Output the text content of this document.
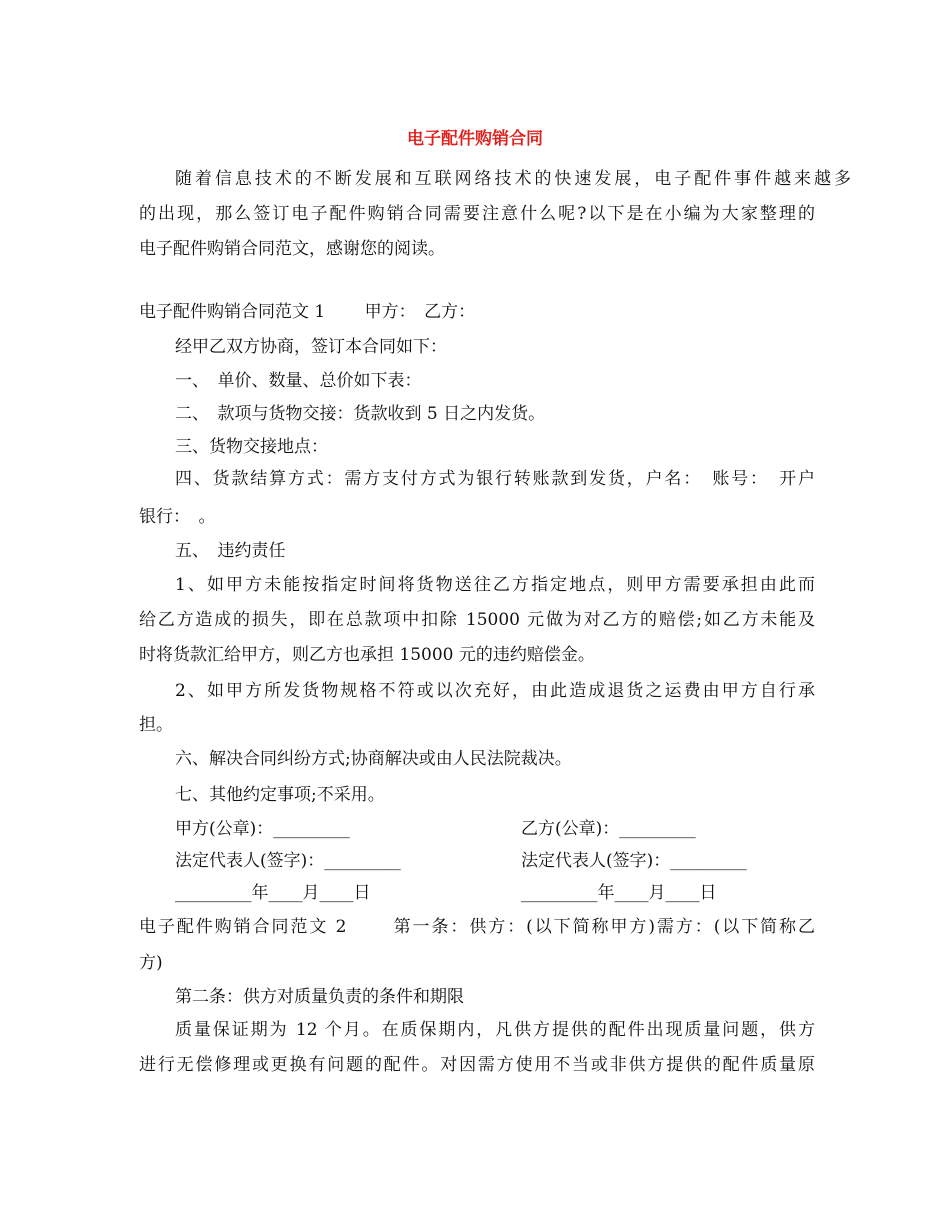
电子配件购销合同
随着信息技术的不断发展和互联网络技术的快速发展，电子配件事件越来越多
的出现，那么签订电子配件购销合同需要注意什么呢?以下是在小编为大家整理的
电子配件购销合同范文，感谢您的阅读。
电子配件购销合同范文 1　　 甲方：　乙方：
经甲乙双方协商，签订本合同如下：
一、　单价、数量、总价如下表：
二、　款项与货物交接：货款收到 5 日之内发货。
三、货物交接地点：
四、货款结算方式：需方支付方式为银行转账款到发货，户名：　账号：　开户
银行：　。
五、　违约责任
1、如甲方未能按指定时间将货物送往乙方指定地点，则甲方需要承担由此而
给乙方造成的损失，即在总款项中扣除 15000 元做为对乙方的赔偿;如乙方未能及
时将货款汇给甲方，则乙方也承担 15000 元的违约赔偿金。
2、如甲方所发货物规格不符或以次充好，由此造成退货之运费由甲方自行承
担。
六、解决合同纠纷方式;协商解决或由人民法院裁决。
七、其他约定事项;不采用。
甲方(公章)：_________	乙方(公章)：_________
法定代表人(签字)：_________	法定代表人(签字)：_________
_________年____月____日	_________年____月____日
电子配件购销合同范文 2　　 第一条：供方：(以下简称甲方)需方：(以下简称乙
方)
第二条：供方对质量负责的条件和期限
质量保证期为 12 个月。在质保期内，凡供方提供的配件出现质量问题，供方
进行无偿修理或更换有问题的配件。对因需方使用不当或非供方提供的配件质量原
